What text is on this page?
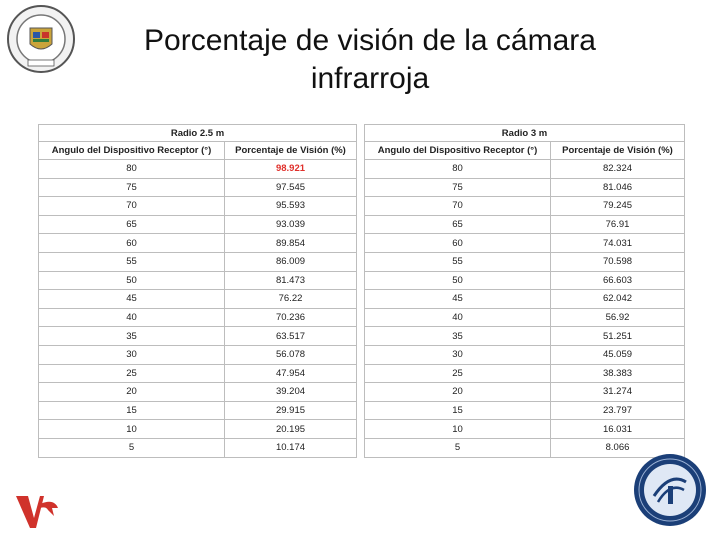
Porcentaje de visión de la cámara
infrarroja
Radio 2.5 m	
Angulo del Dispositivo Receptor (°)	Porcentaje de Visión (%)
80	98.921
75	97.545
70	95.593
65	93.039
60	89.854
55	86.009
50	81.473
45	76.22
40	70.236
35	63.517
30	56.078
25	47.954
20	39.204
15	29.915
10	20.195
5	10.174
Radio 3 m	
Angulo del Dispositivo Receptor (°)	Porcentaje de Visión (%)
80	82.324
75	81.046
70	79.245
65	76.91
60	74.031
55	70.598
50	66.603
45	62.042
40	56.92
35	51.251
30	45.059
25	38.383
20	31.274
15	23.797
10	16.031
5	8.066
